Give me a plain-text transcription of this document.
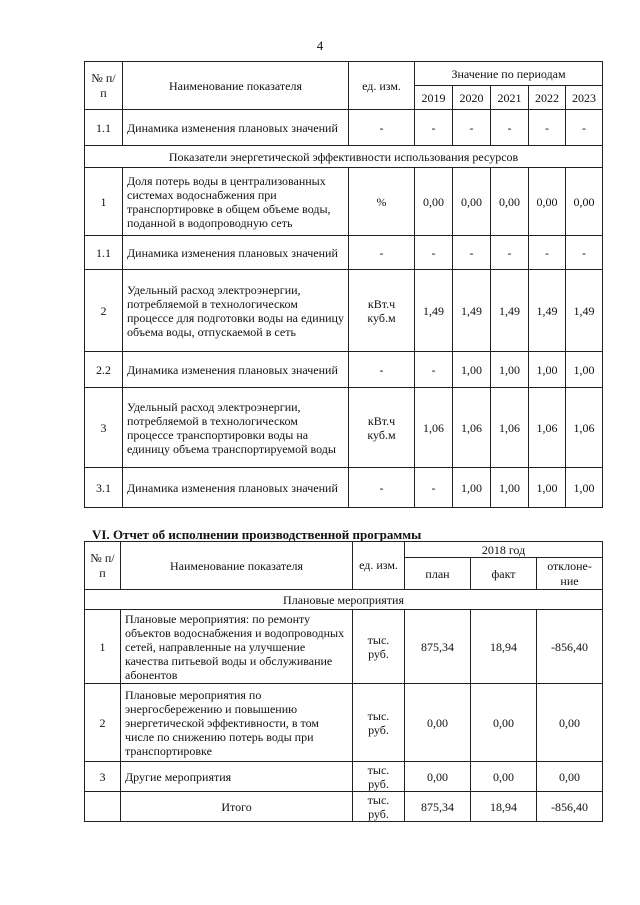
4
№ п/п	Наименование показателя	ед. изм.	Значение по периодам				
			2019	2020	2021	2022	2023
1.1	Динамика изменения плановых значений	-	-	-	-	-	-
Показатели энергетической эффективности использования ресурсов							
1	Доля потерь воды в централизованных системах водоснабжения при транспортировке в общем объеме воды, поданной в водопроводную сеть	%	0,00	0,00	0,00	0,00	0,00
1.1	Динамика изменения плановых значений	-	-	-	-	-	-
2	Удельный расход электроэнергии, потребляемой в технологическом процессе для подготовки воды на единицу объема воды, отпускаемой в сеть	кВт.ч куб.м	1,49	1,49	1,49	1,49	1,49
2.2	Динамика изменения плановых значений	-	-	1,00	1,00	1,00	1,00
3	Удельный расход электроэнергии, потребляемой в технологическом процессе транспортировки воды на единицу объема транспортируемой воды	кВт.ч куб.м	1,06	1,06	1,06	1,06	1,06
3.1	Динамика изменения плановых значений	-	-	1,00	1,00	1,00	1,00
VI. Отчет об исполнении производственной программы
№ п/п	Наименование показателя	ед. изм.	2018 год		
			план	факт	отклоне-ние
Плановые мероприятия					
1	Плановые мероприятия: по ремонту объектов водоснабжения и водопроводных сетей, направленные на улучшение качества питьевой воды и обслуживание абонентов	тыс. руб.	875,34	18,94	-856,40
2	Плановые мероприятия по энергосбережению и повышению энергетической эффективности, в том числе по снижению потерь воды при транспортировке	тыс. руб.	0,00	0,00	0,00
3	Другие мероприятия	тыс. руб.	0,00	0,00	0,00
	Итого	тыс. руб.	875,34	18,94	-856,40
